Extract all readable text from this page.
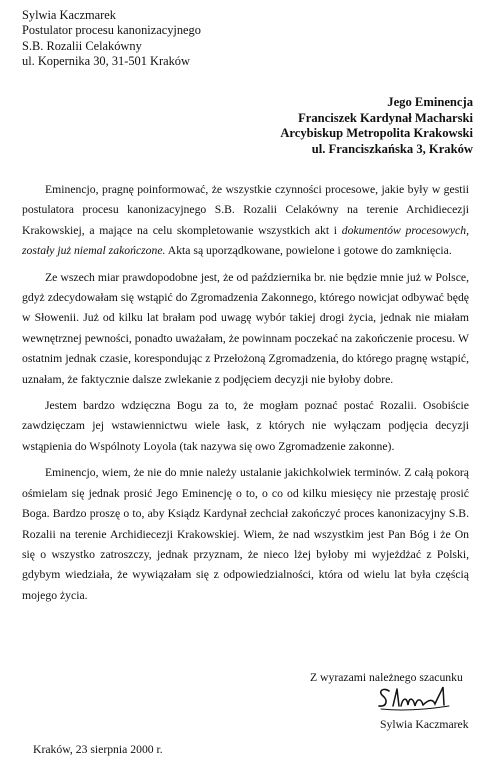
Sylwia Kaczmarek
Postulator procesu kanonizacyjnego
S.B. Rozalii Celakówny
ul. Kopernika 30, 31-501 Kraków
Jego Eminencja
Franciszek Kardynał Macharski
Arcybiskup Metropolita Krakowski
ul. Franciszkańska 3, Kraków

Eminencjo, pragnę poinformować, że wszystkie czynności procesowe, jakie były w gestii postulatora procesu kanonizacyjnego S.B. Rozalii Celakówny na terenie Archidiecezji Krakowskiej, a mające na celu skompletowanie wszystkich akt i dokumentów procesowych, zostały już niemal zakończone. Akta są uporządkowane, powielone i gotowe do zamknięcia.

Ze wszech miar prawdopodobne jest, że od października br. nie będzie mnie już w Polsce, gdyż zdecydowałam się wstąpić do Zgromadzenia Zakonnego, którego nowicjat odbywać będę w Słowenii. Już od kilku lat brałam pod uwagę wybór takiej drogi życia, jednak nie miałam wewnętrznej pewności, ponadto uważałam, że powinnam poczekać na zakończenie procesu. W ostatnim jednak czasie, korespondując z Przełożoną Zgromadzenia, do którego pragnę wstąpić, uznałam, że faktycznie dalsze zwlekanie z podjęciem decyzji nie byłoby dobre.

Jestem bardzo wdzięczna Bogu za to, że mogłam poznać postać Rozalii. Osobiście zawdzięczam jej wstawiennictwu wiele łask, z których nie wyłączam podjęcia decyzji wstąpienia do Wspólnoty Loyola (tak nazywa się owo Zgromadzenie zakonne).

Eminencjo, wiem, że nie do mnie należy ustalanie jakichkolwiek terminów. Z całą pokorą ośmielam się jednak prosić Jego Eminencję o to, o co od kilku miesięcy nie przestaję prosić Boga. Bardzo proszę o to, aby Ksiądz Kardynał zechciał zakończyć proces kanonizacyjny S.B. Rozalii na terenie Archidiecezji Krakowskiej. Wiem, że nad wszystkim jest Pan Bóg i że On się o wszystko zatroszczy, jednak przyznam, że nieco lżej byłoby mi wyjeżdżać z Polski, gdybym wiedziała, że wywiązałam się z odpowiedzialności, która od wielu lat była częścią mojego życia.

Z wyrazami należnego szacunku
Sylwia Kaczmarek
Kraków, 23 sierpnia 2000 r.
